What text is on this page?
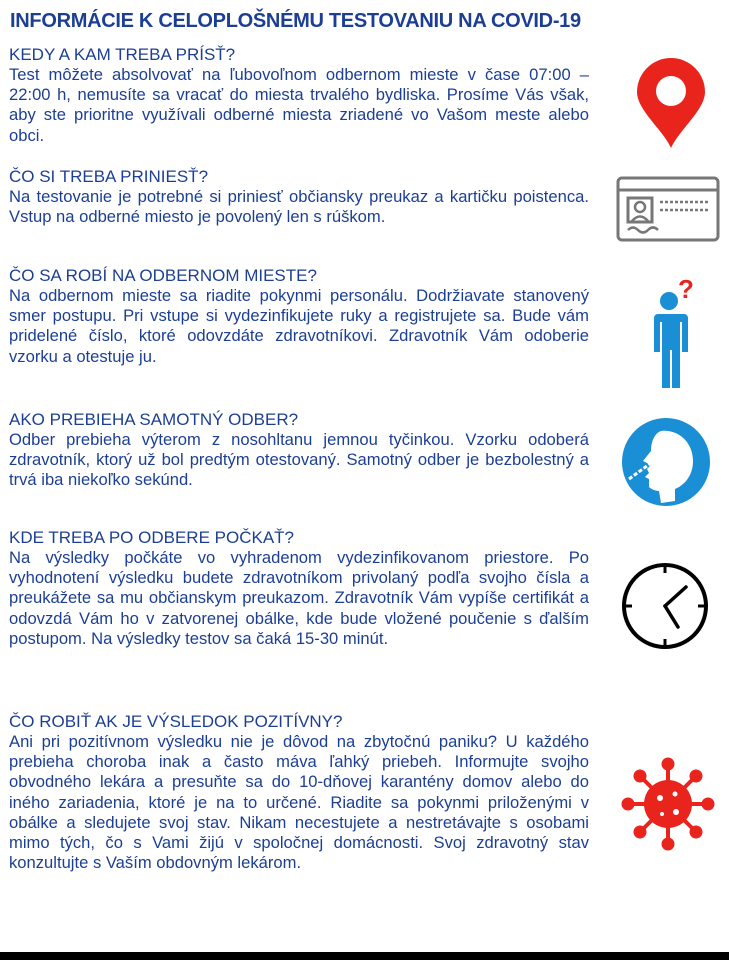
INFORMÁCIE K CELOPLOŠNÉMU TESTOVANIU NA COVID-19
KEDY A KAM TREBA PRÍSŤ?
Test môžete absolvovať na ľubovoľnom odbernom mieste v čase 07:00 – 22:00 h, nemusíte sa vracať do miesta trvalého bydliska. Prosíme Vás však, aby ste prioritne využívali odberné miesta zriadené vo Vašom meste alebo obci.
ČO SI TREBA PRINIESŤ?
Na testovanie je potrebné si priniesť občiansky preukaz a kartičku poistenca. Vstup na odberné miesto je povolený len s rúškom.
ČO SA ROBÍ NA ODBERNOM MIESTE?
Na odbernom mieste sa riadite pokynmi personálu. Dodržiavate stanovený smer postupu. Pri vstupe si vydezinfikujete ruky a registrujete sa. Bude vám pridelené číslo, ktoré odovzdáte zdravotníkovi. Zdravotník Vám odoberie vzorku a otestuje ju.
AKO PREBIEHA SAMOTNÝ ODBER?
Odber prebieha výterom z nosohltanu jemnou tyčinkou. Vzorku odoberá zdravotník, ktorý už bol predtým otestovaný. Samotný odber je bezbolestný a trvá iba niekoľko sekúnd.
KDE TREBA PO ODBERE POČKAŤ?
Na výsledky počkáte vo vyhradenom vydezinfikovanom priestore. Po vyhodnotení výsledku budete zdravotníkom privolaný podľa svojho čísla a preukážete sa mu občianskym preukazom. Zdravotník Vám vypíše certifikát a odovzdá Vám ho v zatvorenej obálke, kde bude vložené poučenie s ďalším postupom. Na výsledky testov sa čaká 15-30 minút.
ČO ROBIŤ AK JE VÝSLEDOK POZITÍVNY?
Ani pri pozitívnom výsledku nie je dôvod na zbytočnú paniku? U každého prebieha choroba inak a často máva ľahký priebeh. Informujte svojho obvodného lekára a presuňte sa do 10-dňovej karantény domov alebo do iného zariadenia, ktoré je na to určené. Riadite sa pokynmi priloženými v obálke a sledujete svoj stav. Nikam necestujete a nestretávajte s osobami mimo tých, čo s Vami žijú v spoločnej domácnosti. Svoj zdravotný stav konzultujte s Vaším obdovným lekárom.
?
